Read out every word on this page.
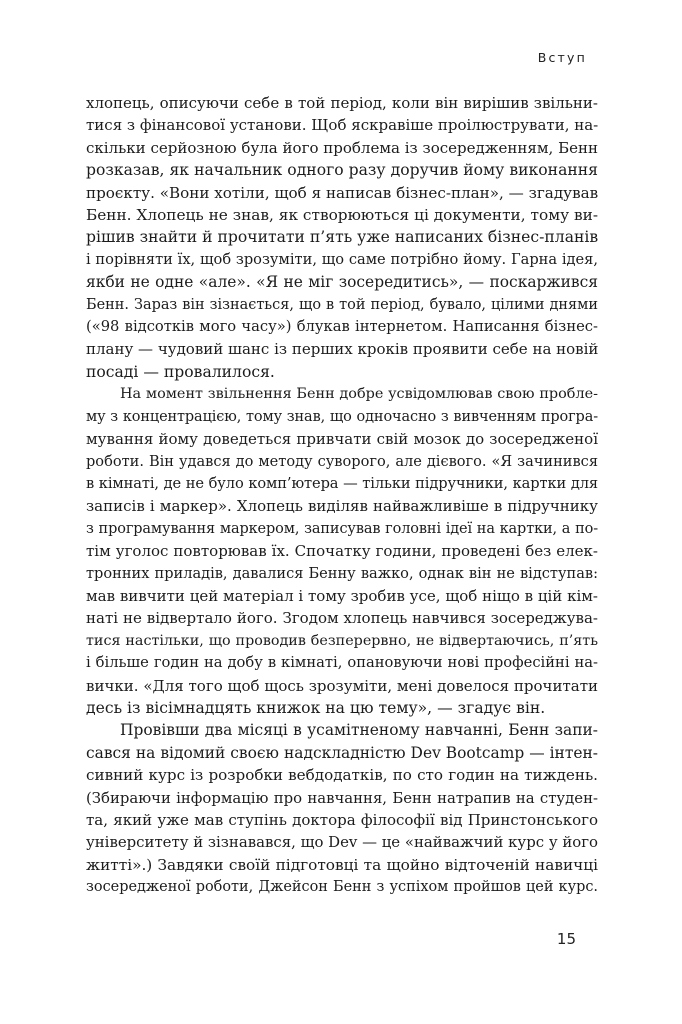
Вступ
хлопець, описуючи себе в той період, коли він вирішив звільни-
тися з фінансової установи. Щоб яскравіше проілюструвати, на-
скільки серйозною була його проблема із зосередженням, Бенн
розказав, як начальник одного разу доручив йому виконання
проєкту. «Вони хотіли, щоб я написав бізнес-план», — згадував
Бенн. Хлопець не знав, як створюються ці документи, тому ви-
рішив знайти й прочитати п’ять уже написаних бізнес-планів
і порівняти їх, щоб зрозуміти, що саме потрібно йому. Гарна ідея,
якби не одне «але». «Я не міг зосередитись», — поскаржився
Бенн. Зараз він зізнається, що в той період, бувало, цілими днями
(«98 відсотків мого часу») блукав інтернетом. Написання бізнес-
плану — чудовий шанс із перших кроків проявити себе на новій
посаді — провалилося.
На момент звільнення Бенн добре усвідомлював свою пробле-
му з концентрацією, тому знав, що одночасно з вивченням програ-
мування йому доведеться привчати свій мозок до зосередженої
роботи. Він удався до методу суворого, але дієвого. «Я зачинився
в кімнаті, де не було комп’ютера — тільки підручники, картки для
записів і маркер». Хлопець виділяв найважливіше в підручнику
з програмування маркером, записував головні ідеї на картки, а по-
тім уголос повторював їх. Спочатку години, проведені без елек-
тронних приладів, давалися Бенну важко, однак він не відступав:
мав вивчити цей матеріал і тому зробив усе, щоб ніщо в цій кім-
наті не відвертало його. Згодом хлопець навчився зосереджува-
тися настільки, що проводив безперервно, не відвертаючись, п’ять
і більше годин на добу в кімнаті, опановуючи нові професійні на-
вички. «Для того щоб щось зрозуміти, мені довелося прочитати
десь із вісімнадцять книжок на цю тему», — згадує він.
Провівши два місяці в усамітненому навчанні, Бенн запи-
сався на відомий своєю надскладністю Dev Bootcamp — інтен-
сивний курс із розробки вебдодатків, по сто годин на тиждень.
(Збираючи інформацію про навчання, Бенн натрапив на студен-
та, який уже мав ступінь доктора філософії від Принстонського
університету й зізнавався, що Dev — це «найважчий курс у його
житті».) Завдяки своїй підготовці та щойно відточеній навичці
зосередженої роботи, Джейсон Бенн з успіхом пройшов цей курс.
15
